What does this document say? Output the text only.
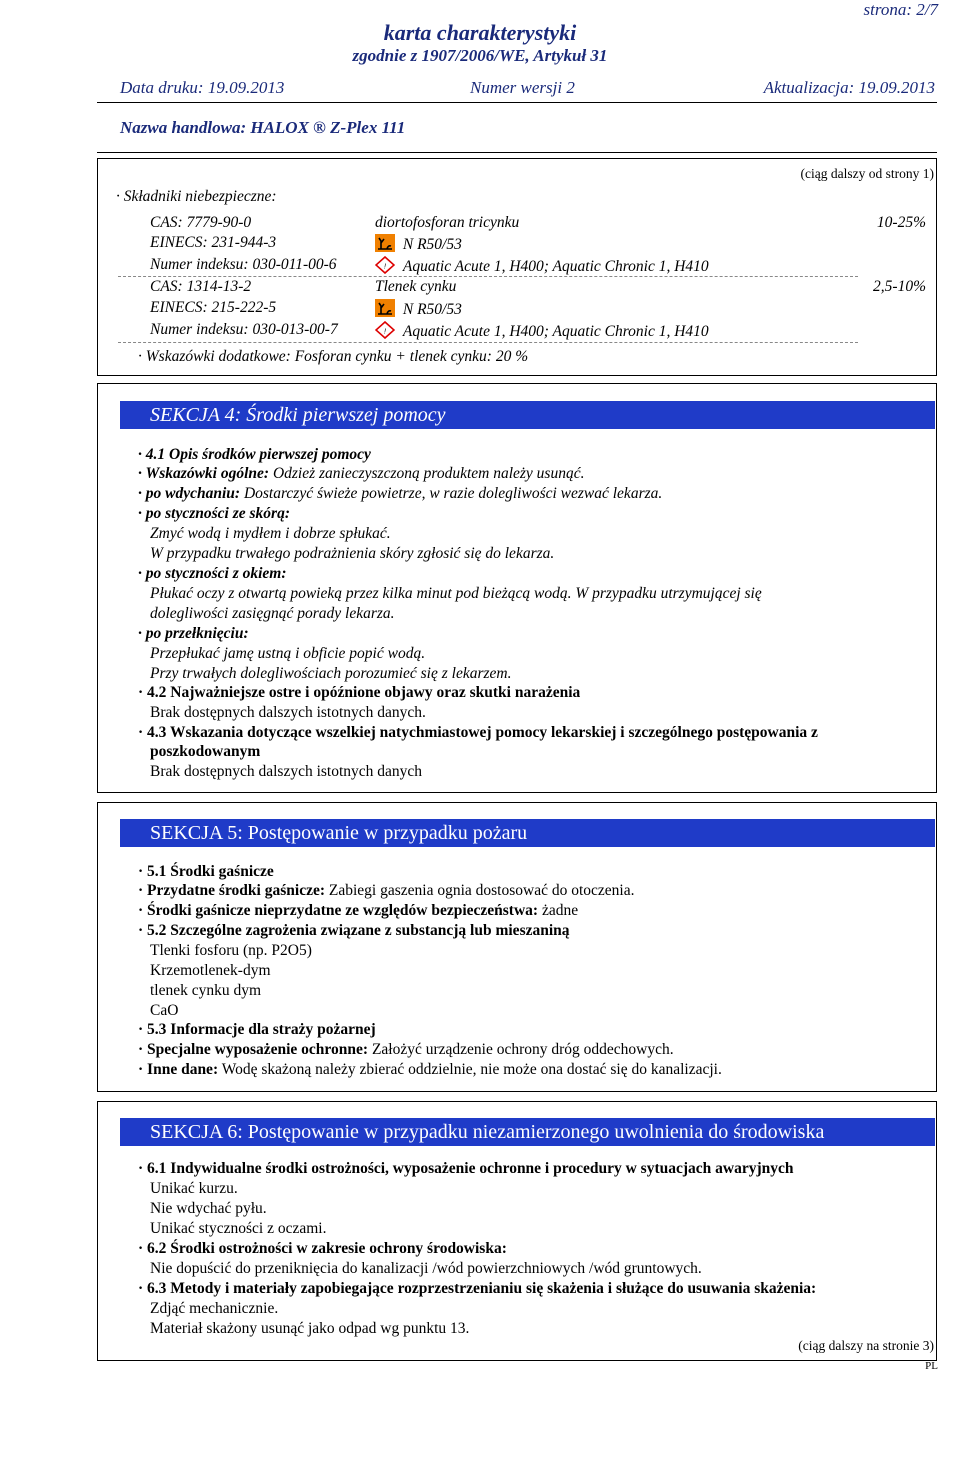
strona: 2/7
karta charakterystyki
zgodnie z 1907/2006/WE, Artykuł 31
Data druku: 19.09.2013	Numer wersji 2	Aktualizacja: 19.09.2013
Nazwa handlowa: HALOX ® Z-Plex 111
(ciąg dalszy od strony 1)
· Składniki niebezpieczne:
CAS: 7779-90-0
EINECS: 231-944-3
Numer indeksu: 030-011-00-6
diortofosforan tricynku
N R50/53
! Aquatic Acute 1, H400; Aquatic Chronic 1, H410
10-25%
CAS: 1314-13-2
EINECS: 215-222-5
Numer indeksu: 030-013-00-7
Tlenek cynku
N R50/53
! Aquatic Acute 1, H400; Aquatic Chronic 1, H410
2,5-10%
· Wskazówki dodatkowe: Fosforan cynku + tlenek cynku: 20 %
SEKCJA 4: Środki pierwszej pomocy
· 4.1 Opis środków pierwszej pomocy
· Wskazówki ogólne: Odzież zanieczyszczoną produktem należy usunąć.
· po wdychaniu: Dostarczyć świeże powietrze, w razie dolegliwości wezwać lekarza.
· po styczności ze skórą:
Zmyć wodą i mydłem i dobrze spłukać.
W przypadku trwałego podrażnienia skóry zgłosić się do lekarza.
· po styczności z okiem:
Płukać oczy z otwartą powieką przez kilka minut pod bieżącą wodą. W przypadku utrzymującej się
dolegliwości zasięgnąć porady lekarza.
· po przełknięciu:
Przepłukać jamę ustną i obficie popić wodą.
Przy trwałych dolegliwościach porozumieć się z lekarzem.
· 4.2 Najważniejsze ostre i opóźnione objawy oraz skutki narażenia
Brak dostępnych dalszych istotnych danych.
· 4.3 Wskazania dotyczące wszelkiej natychmiastowej pomocy lekarskiej i szczególnego postępowania z
poszkodowanym
Brak dostępnych dalszych istotnych danych
SEKCJA 5: Postępowanie w przypadku pożaru
· 5.1 Środki gaśnicze
· Przydatne środki gaśnicze: Zabiegi gaszenia ognia dostosować do otoczenia.
· Środki gaśnicze nieprzydatne ze względów bezpieczeństwa: żadne
· 5.2 Szczególne zagrożenia związane z substancją lub mieszaniną
Tlenki fosforu (np. P2O5)
Krzemotlenek-dym
tlenek cynku dym
CaO
· 5.3 Informacje dla straży pożarnej
· Specjalne wyposażenie ochronne: Założyć urządzenie ochrony dróg oddechowych.
· Inne dane: Wodę skażoną należy zbierać oddzielnie, nie może ona dostać się do kanalizacji.
SEKCJA 6: Postępowanie w przypadku niezamierzonego uwolnienia do środowiska
· 6.1 Indywidualne środki ostrożności, wyposażenie ochronne i procedury w sytuacjach awaryjnych
Unikać kurzu.
Nie wdychać pyłu.
Unikać styczności z oczami.
· 6.2 Środki ostrożności w zakresie ochrony środowiska:
Nie dopuścić do przeniknięcia do kanalizacji /wód powierzchniowych /wód gruntowych.
· 6.3 Metody i materiały zapobiegające rozprzestrzenianiu się skażenia i służące do usuwania skażenia:
Zdjąć mechanicznie.
Materiał skażony usunąć jako odpad wg punktu 13.
(ciąg dalszy na stronie 3)
PL
